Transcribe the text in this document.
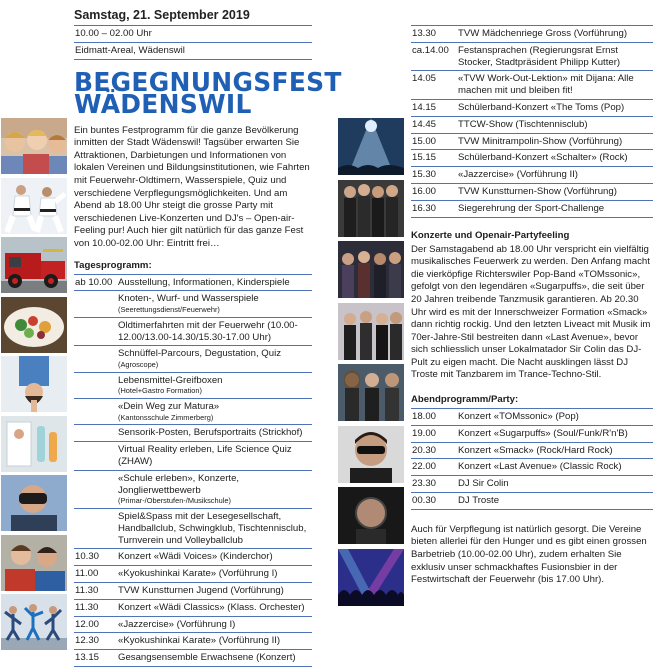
Samstag, 21. September 2019
10.00 – 02.00 Uhr
Eidmatt-Areal, Wädenswil
BEGEGNUNGSFEST
WÄDENSWIL

Ein buntes Festprogramm für die ganze Bevölkerung inmitten der Stadt Wädenswil! Tagsüber erwarten Sie Attraktionen, Darbietungen und Informationen von lokalen Vereinen und Bildungsinstitutionen, wie Fahrten mit Feuerwehr-Oldtimern, Wasserspiele, Quiz und verschiedene Verpflegungsmöglichkeiten. Und am Abend ab 18.00 Uhr steigt die grosse Party mit verschiedenen Live-Konzerten und DJ's – Open-air-Feeling pur! Auch hier gilt natürlich für das ganze Fest von 10.00-02.00 Uhr: Eintritt frei…

Tagesprogramm:
ab 10.00	Ausstellung, Informationen, Kinderspiele
	Knoten-, Wurf- und Wasserspiele
(Seerettungsdienst/Feuerwehr)

	Oldtimerfahrten mit der Feuerwehr (10.00-12.00/13.00-14.30/15.30-17.00 Uhr)
	Schnüffel-Parcours, Degustation, Quiz
(Agroscope)

	Lebensmittel-Greifboxen
(Hotel+Gastro Formation)

	«Dein Weg zur Matura»
(Kantonsschule Zimmerberg)

	Sensorik-Posten, Berufsportraits (Strickhof)
	Virtual Reality erleben, Life Science Quiz (ZHAW)
	«Schule erleben», Konzerte, Jonglierwettbewerb
(Primar-/Oberstufen-/Musikschule)

	Spiel&Spass mit der Lesegesellschaft, Handballclub, Schwingklub, Tischtennisclub, Turnverein und Volleyballclub
10.30	Konzert «Wädi Voices» (Kinderchor)
11.00	«Kyokushinkai Karate» (Vorführung I)
11.30	TVW Kunstturnen Jugend (Vorführung)
11.30	Konzert «Wädi Classics» (Klass. Orchester)
12.00	«Jazzercise» (Vorführung I)
12.30	«Kyokushinkai Karate» (Vorführung II)
13.15	Gesangsensemble Erwachsene (Konzert)
13.30	TVW Mädchenriege Gross (Vorführung)
ca.14.00	Festansprachen (Regierungsrat Ernst Stocker, Stadtpräsident Philipp Kutter)
14.05	«TVW Work-Out-Lektion» mit Dijana: Alle machen mit und bleiben fit!
14.15	Schülerband-Konzert «The Toms (Pop)
14.45	TTCW-Show (Tischtennisclub)
15.00	TVW Minitrampolin-Show (Vorführung)
15.15	Schülerband-Konzert «Schalter» (Rock)
15.30	«Jazzercise» (Vorführung II)
16.00	TVW Kunstturnen-Show (Vorführung)
16.30	Siegerehrung der Sport-Challenge
Konzerte und Openair-Partyfeeling

Der Samstagabend ab 18.00 Uhr verspricht ein vielfältig musikalisches Feuerwerk zu werden. Den Anfang macht die vierköpfige Richterswiler Pop-Band «TOMssonic», gefolgt von den legendären «Sugarpuffs», die seit über 20 Jahren treibende Tanzmusik garantieren. Ab 20.30 Uhr wird es mit der Innerschweizer Formation «Smack» dann richtig rockig. Und den letzten Liveact mit Musik im 70er-Jahre-Stil bestreiten dann «Last Avenue», bevor sich schliesslich unser Lokalmatador Sir Colin das DJ-Pult zu eigen macht. Die Nacht ausklingen lässt DJ Troste mit Tanzbarem im Trance-Techno-Stil.

Abendprogramm/Party:
18.00	Konzert «TOMssonic» (Pop)
19.00	Konzert «Sugarpuffs» (Soul/Funk/R'n'B)
20.30	Konzert «Smack» (Rock/Hard Rock)
22.00	Konzert «Last Avenue» (Classic Rock)
23.30	DJ Sir Colin
00.30	DJ Troste

Auch für Verpflegung ist natürlich gesorgt. Die Vereine bieten allerlei für den Hunger und es gibt einen grossen Barbetrieb (10.00-02.00 Uhr), zudem erhalten Sie exklusiv unser schmackhaftes Fusionsbier in der Festwirtschaft der Feuerwehr (bis 17.00 Uhr).
